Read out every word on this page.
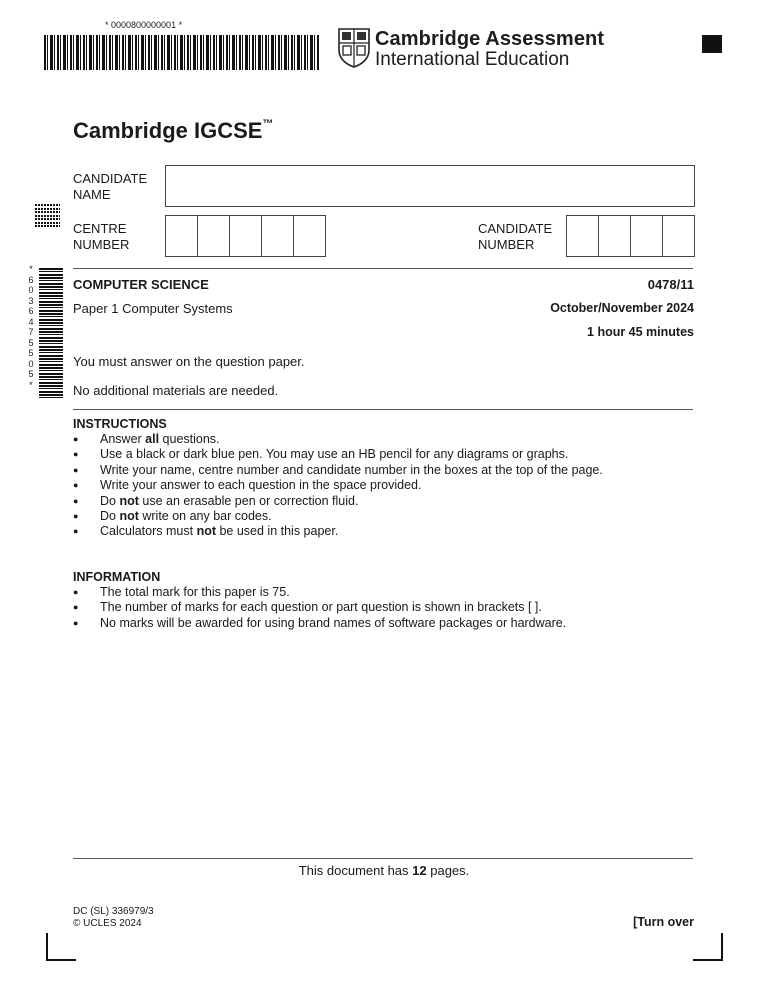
* 0000800000001 *
Cambridge Assessment
International Education
*
6
0
3
6
4
7
5
5
0
5
*
Cambridge IGCSE™
CANDIDATE
NAME
CENTRE
NUMBER
CANDIDATE
NUMBER
COMPUTER SCIENCE	0478/11
Paper 1 Computer Systems	October/November 2024
1 hour 45 minutes
You must answer on the question paper.
No additional materials are needed.
INSTRUCTIONS
● Answer all questions.
● Use a black or dark blue pen. You may use an HB pencil for any diagrams or graphs.
● Write your name, centre number and candidate number in the boxes at the top of the page.
● Write your answer to each question in the space provided.
● Do not use an erasable pen or correction fluid.
● Do not write on any bar codes.
● Calculators must not be used in this paper.
INFORMATION
● The total mark for this paper is 75.
● The number of marks for each question or part question is shown in brackets [ ].
● No marks will be awarded for using brand names of software packages or hardware.
This document has 12 pages.
DC (SL) 336979/3
© UCLES 2024	[Turn over
